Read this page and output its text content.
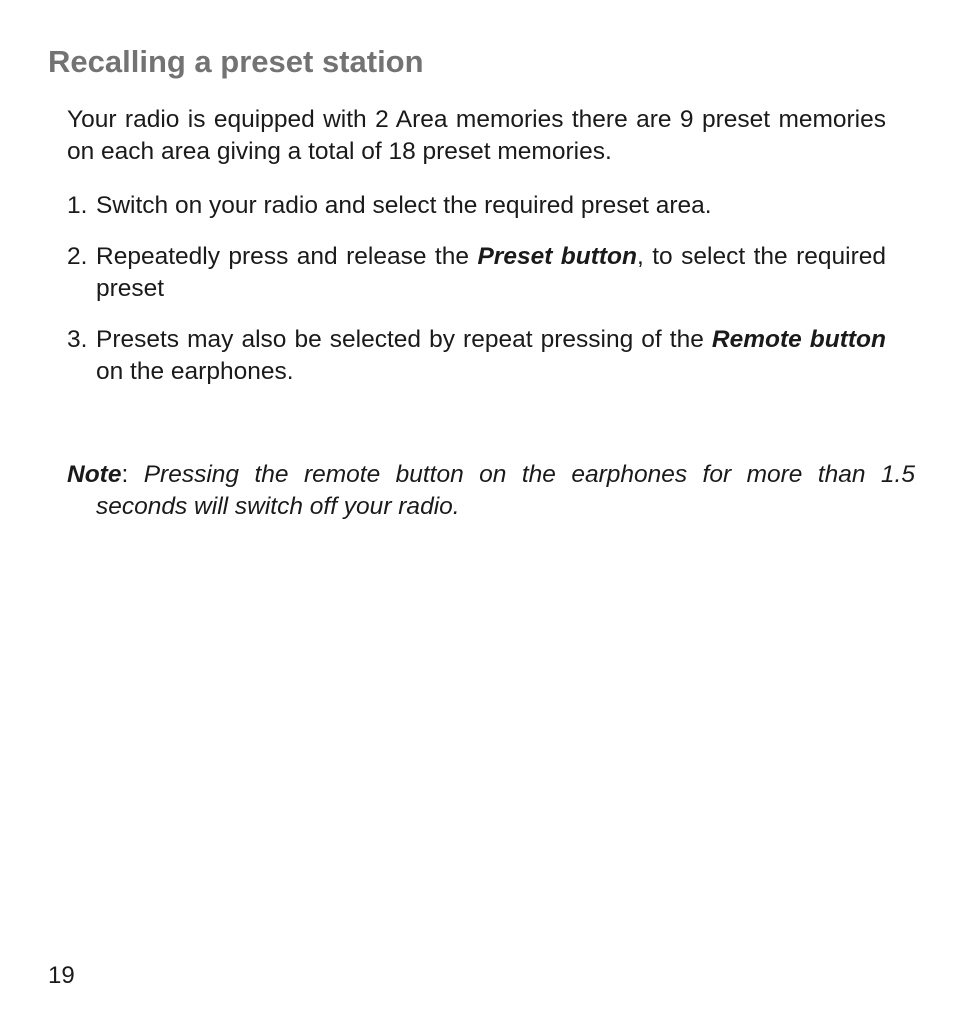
Recalling a preset station

Your radio is equipped with 2 Area memories there are 9 preset memories on each area giving a total of 18 preset memories.

1. Switch on your radio and select the required preset area.
2. Repeatedly press and release the Preset button, to select the required preset
3. Presets may also be selected by repeat pressing of the Remote button on the earphones.

Note: Pressing the remote button on the earphones for more than 1.5 seconds will switch off your radio.

19
